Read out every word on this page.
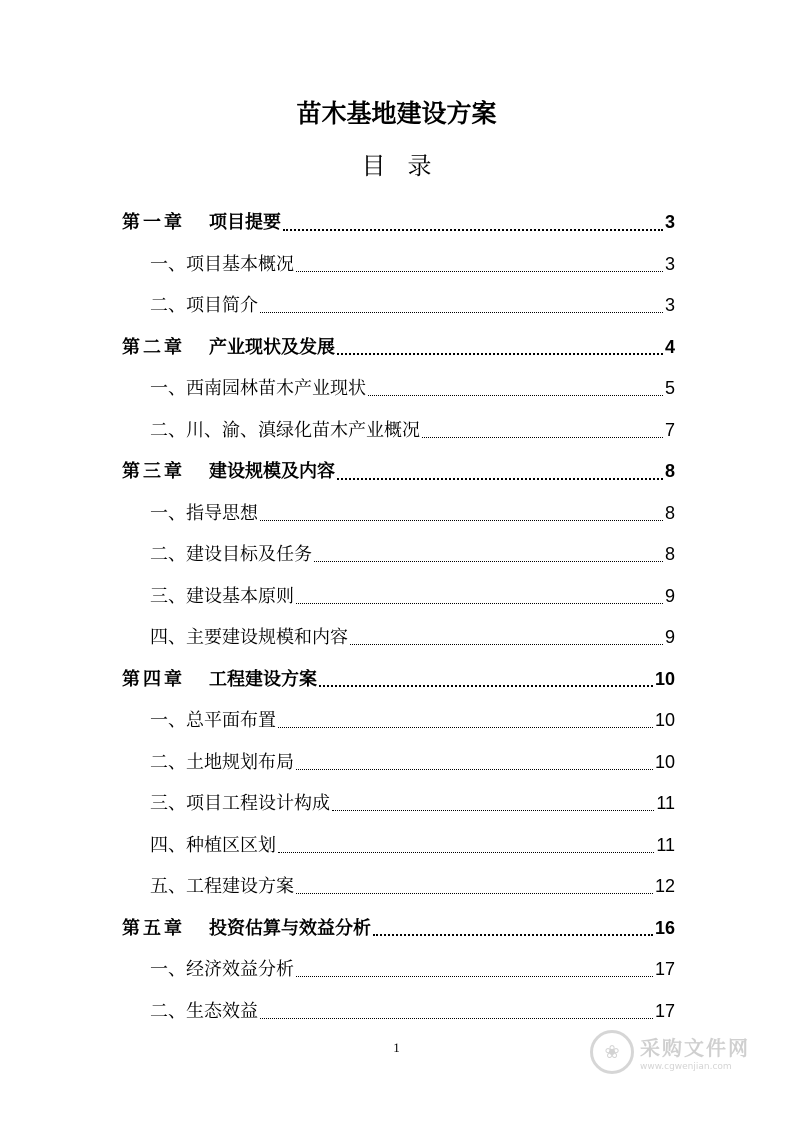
苗木基地建设方案
目录
第一章 项目提要	3
一、项目基本概况	3
二、项目简介	3
第二章 产业现状及发展	4
一、西南园林苗木产业现状	5
二、川、渝、滇绿化苗木产业概况	7
第三章 建设规模及内容	8
一、指导思想	8
二、建设目标及任务	8
三、建设基本原则	9
四、主要建设规模和内容	9
第四章 工程建设方案	10
一、总平面布置	10
二、土地规划布局	10
三、项目工程设计构成	11
四、种植区区划	11
五、工程建设方案	12
第五章 投资估算与效益分析	16
一、经济效益分析	17
二、生态效益	17
1	❀	采购文件网
www.cgwenjian.com
